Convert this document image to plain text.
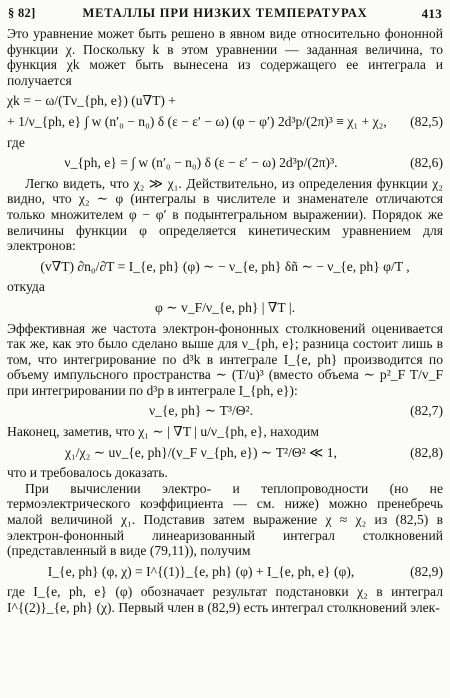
§ 82]	МЕТАЛЛЫ ПРИ НИЗКИХ ТЕМПЕРАТУРАХ	413

Это уравнение может быть решено в явном виде относительно фононной функции χ. Поскольку k в этом уравнении — заданная величина, то функция χk может быть вынесена из содержащего ее интеграла и получается

χk = − ω/(Tν_{ph, e}) (u∇T) +
+ 1/ν_{ph, e} ∫ w (n′₀ − n₀) δ (ε − ε′ − ω) (φ − φ′) 2d³p/(2π)³ ≡ χ₁ + χ₂,	(82,5)

где

ν_{ph, e} = ∫ w (n′₀ − n₀) δ (ε − ε′ − ω) 2d³p/(2π)³.	(82,6)

Легко видеть, что χ₂ ≫ χ₁. Действительно, из определения функции χ₂ видно, что χ₂ ∼ φ (интегралы в числителе и знаменателе отличаются только множителем φ − φ′ в подынтегральном выражении). Порядок же величины функции φ определяется кинетическим уравнением для электронов:

(v∇T) ∂n₀/∂T = I_{e, ph} (φ) ∼ − ν_{e, ph} δñ ∼ − ν_{e, ph} φ/T ,

откуда

φ ∼ v_F/ν_{e, ph} | ∇T |.

Эффективная же частота электрон-фононных столкновений оценивается так же, как это было сделано выше для ν_{ph, e}; разница состоит лишь в том, что интегрирование по d³k в интеграле I_{e, ph} производится по объему импульсного пространства ∼ (T/u)³ (вместо объема ∼ p²_F T/v_F при интегрировании по d³p в интеграле I_{ph, e}):

ν_{e, ph} ∼ T³/Θ².	(82,7)

Наконец, заметив, что χ₁ ∼ | ∇T | u/ν_{ph, e}, находим

χ₁/χ₂ ∼ uν_{e, ph}/(v_F ν_{ph, e}) ∼ T²/Θ² ≪ 1,	(82,8)

что и требовалось доказать.

При вычислении электро- и теплопроводности (но не термоэлектрического коэффициента — см. ниже) можно пренебречь малой величиной χ₁. Подставив затем выражение χ ≈ χ₂ из (82,5) в электрон-фононный линеаризованный интеграл столкновений (представленный в виде (79,11)), получим

I_{e, ph} (φ, χ) = I^{(1)}_{e, ph} (φ) + I_{e, ph, e} (φ),	(82,9)

где I_{e, ph, e} (φ) обозначает результат подстановки χ₂ в интеграл I^{(2)}_{e, ph} (χ). Первый член в (82,9) есть интеграл столкновений элек-
